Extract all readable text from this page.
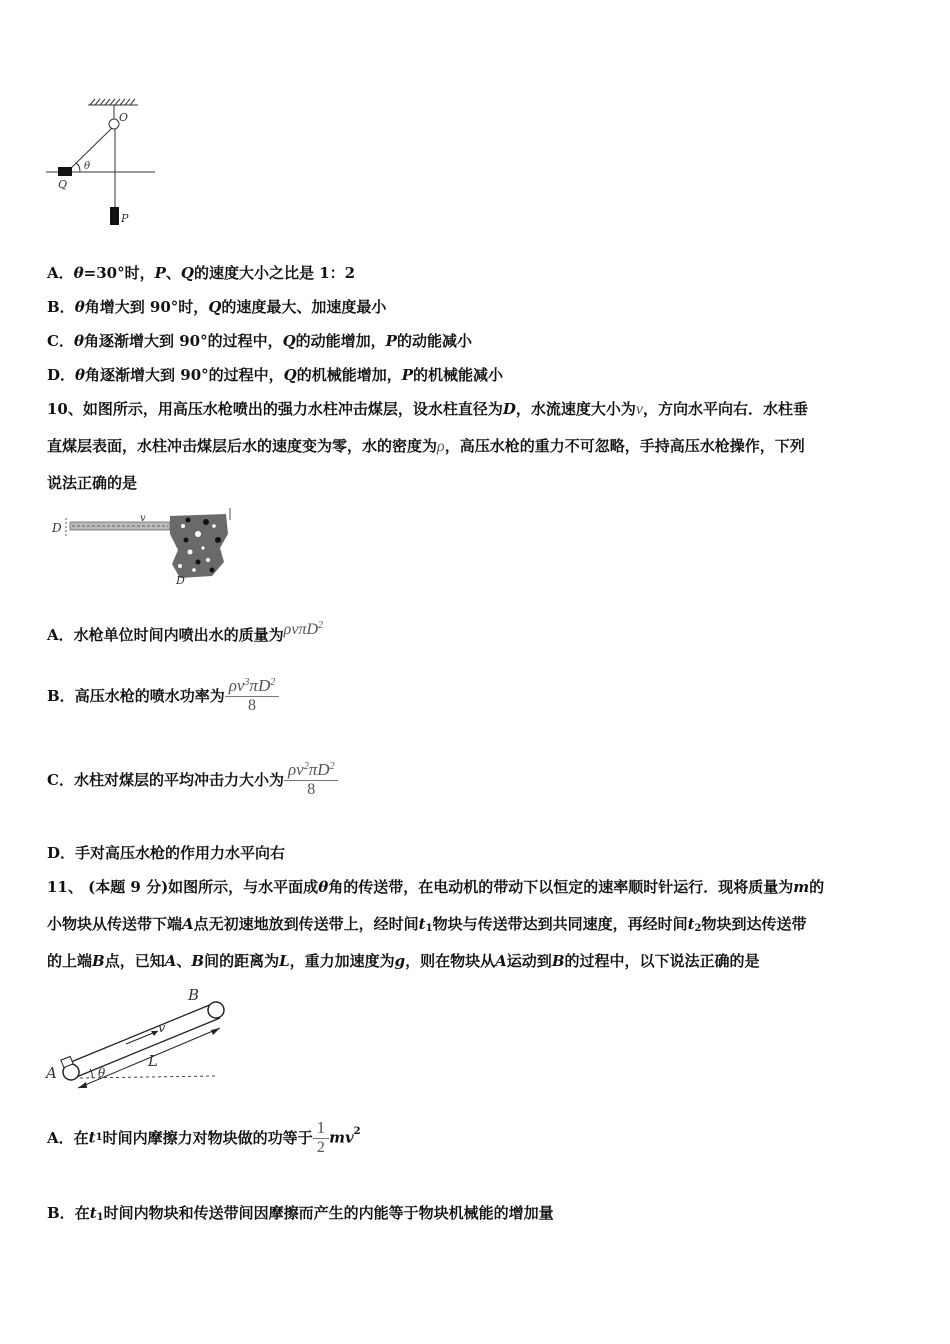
O
θ
Q
P
A．θ=30°时，P、Q的速度大小之比是 1：2
B．θ角增大到 90°时，Q的速度最大、加速度最小
C．θ角逐渐增大到 90°的过程中，Q的动能增加，P的动能减小
D．θ角逐渐增大到 90°的过程中，Q的机械能增加，P的机械能减小
10、如图所示，用高压水枪喷出的强力水柱冲击煤层，设水柱直径为D，水流速度大小为v，方向水平向右．水柱垂
直煤层表面，水柱冲击煤层后水的速度变为零，水的密度为ρ，高压水枪的重力不可忽略，手持高压水枪操作，下列
说法正确的是
D
v
D
A．水枪单位时间内喷出水的质量为ρvπD$^2$
B．高压水枪的喷水功率为 $\frac{\rho v^3\pi D^2}{8}$
C．水柱对煤层的平均冲击力大小为 $\frac{\rho v^2\pi D^2}{8}$
D．手对高压水枪的作用力水平向右
11、 (本题 9 分)如图所示，与水平面成θ角的传送带，在电动机的带动下以恒定的速率顺时针运行．现将质量为m的
小物块从传送带下端A点无初速地放到传送带上，经时间$t_1$物块与传送带达到共同速度，再经时间$t_2$物块到达传送带
的上端B点，已知A、B间的距离为L，重力加速度为g，则在物块从A运动到B的过程中，以下说法正确的是
v
L
θ
A
B
A．在t1时间内摩擦力对物块做的功等于 $\frac{1}{2} mv^2$
B．在$t_1$时间内物块和传送带间因摩擦而产生的内能等于物块机械能的增加量
